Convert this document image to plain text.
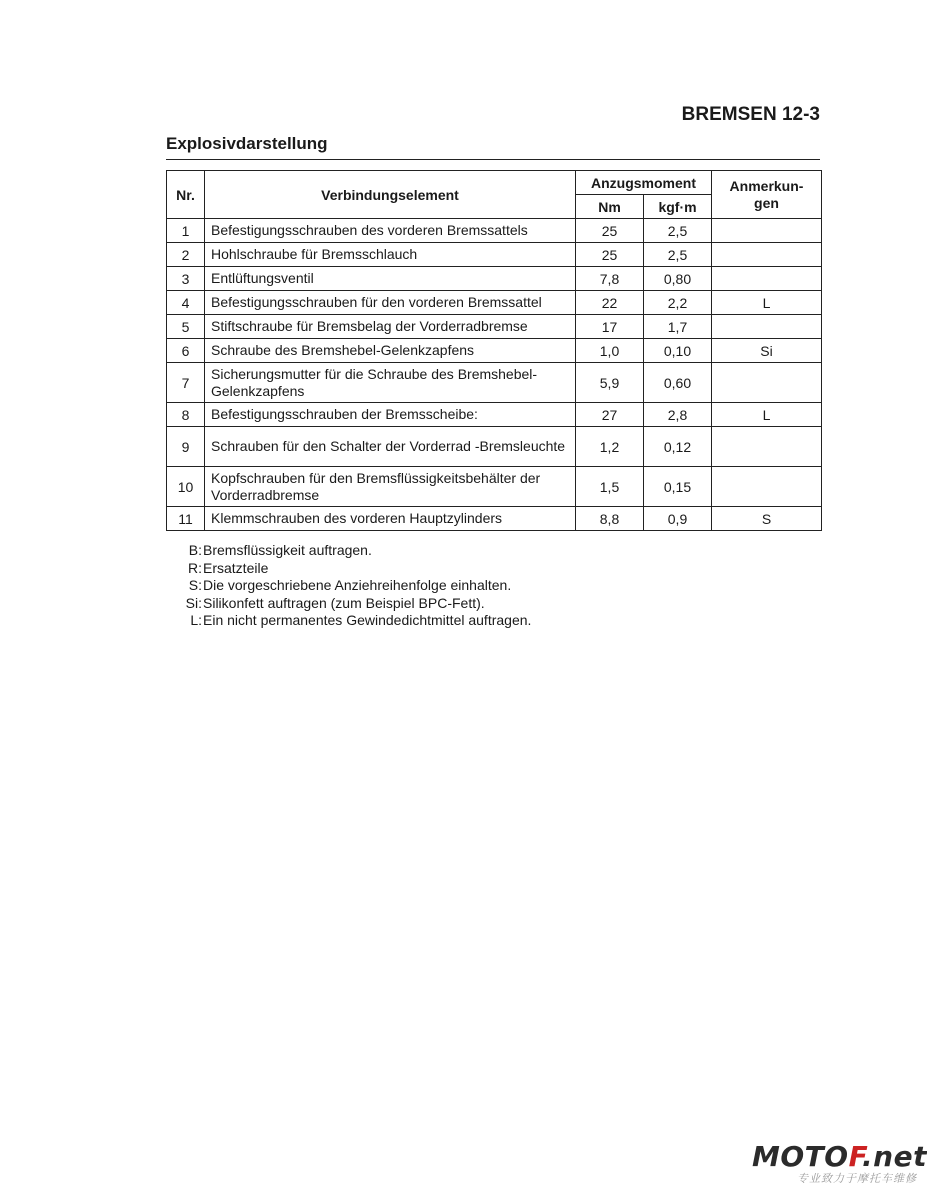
BREMSEN 12-3
Explosivdarstellung
Nr.	Verbindungselement	Anzugsmoment		Anmerkun-
gen
		Nm	kgf·m	
1	Befestigungsschrauben des vorderen Bremssattels	25	2,5	
2	Hohlschraube für Bremsschlauch	25	2,5	
3	Entlüftungsventil	7,8	0,80	
4	Befestigungsschrauben für den vorderen Bremssattel	22	2,2	L
5	Stiftschraube für Bremsbelag der Vorderradbremse	17	1,7	
6	Schraube des Bremshebel-Gelenkzapfens	1,0	0,10	Si
7	Sicherungsmutter für die Schraube des Bremshebel-Gelenkzapfens	5,9	0,60	
8	Befestigungsschrauben der Bremsscheibe:	27	2,8	L
9	Schrauben für den Schalter der Vorderrad -Bremsleuchte	1,2	0,12	
10	Kopfschrauben für den Bremsflüssigkeitsbehälter der Vorderradbremse	1,5	0,15	
11	Klemmschrauben des vorderen Hauptzylinders	8,8	0,9	S
B: Bremsflüssigkeit auftragen.
R: Ersatzteile
S: Die vorgeschriebene Anziehreihenfolge einhalten.
Si: Silikonfett auftragen (zum Beispiel BPC-Fett).
L: Ein nicht permanentes Gewindedichtmittel auftragen.
MOTOF.net
专业致力于摩托车维修
